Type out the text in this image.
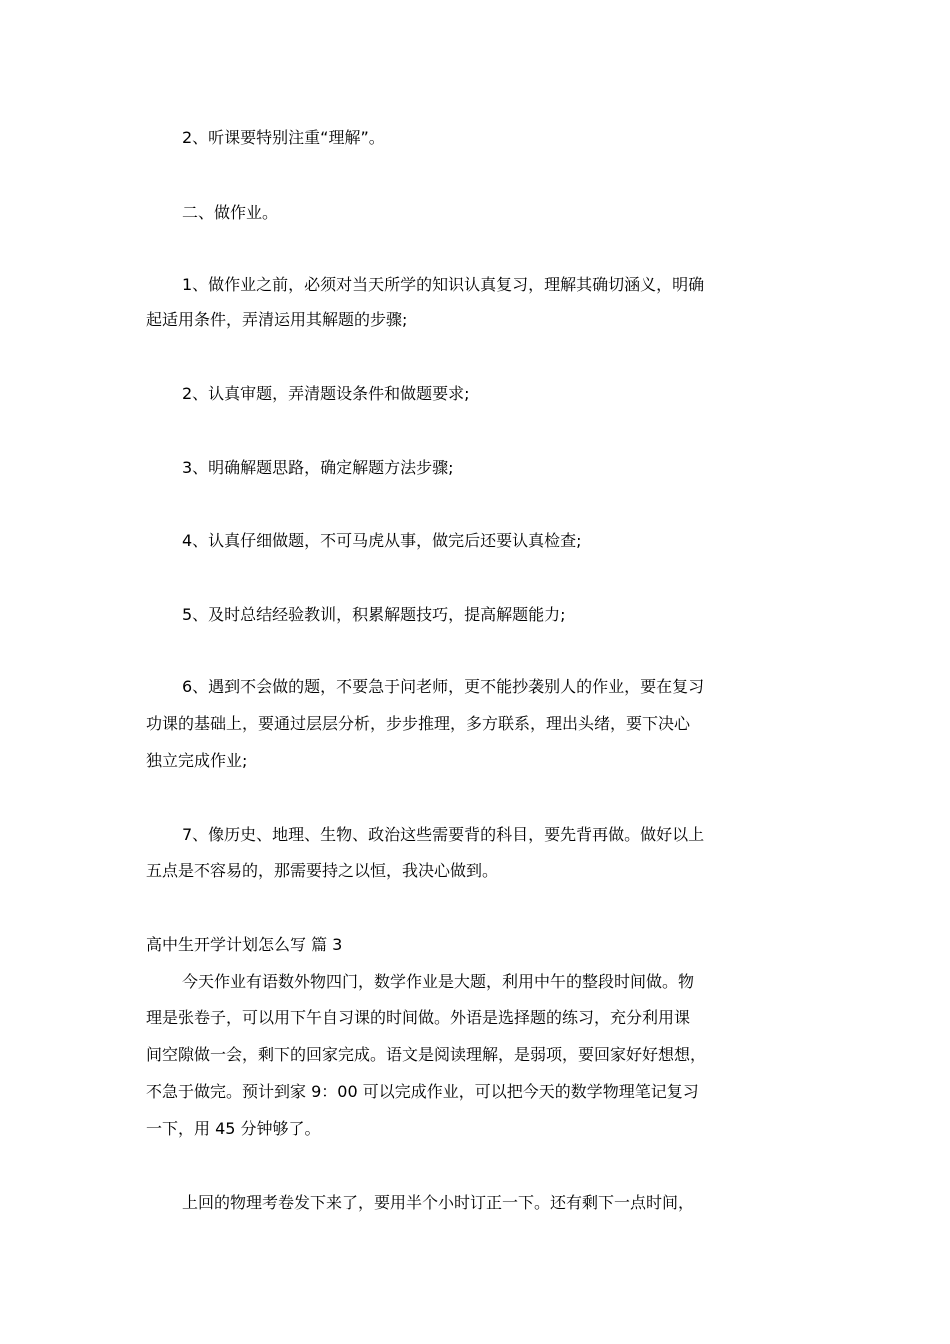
2、听课要特别注重“理解”。
二、做作业。
1、做作业之前，必须对当天所学的知识认真复习，理解其确切涵义，明确
起适用条件，弄清运用其解题的步骤;
2、认真审题，弄清题设条件和做题要求;
3、明确解题思路，确定解题方法步骤;
4、认真仔细做题，不可马虎从事，做完后还要认真检查;
5、及时总结经验教训，积累解题技巧，提高解题能力;
6、遇到不会做的题，不要急于问老师，更不能抄袭别人的作业，要在复习
功课的基础上，要通过层层分析，步步推理，多方联系，理出头绪，要下决心
独立完成作业;
7、像历史、地理、生物、政治这些需要背的科目，要先背再做。做好以上
五点是不容易的，那需要持之以恒，我决心做到。
高中生开学计划怎么写 篇 3
今天作业有语数外物四门，数学作业是大题，利用中午的整段时间做。物
理是张卷子，可以用下午自习课的时间做。外语是选择题的练习，充分利用课
间空隙做一会，剩下的回家完成。语文是阅读理解，是弱项，要回家好好想想，
不急于做完。预计到家 9：00 可以完成作业，可以把今天的数学物理笔记复习
一下，用 45 分钟够了。
上回的物理考卷发下来了，要用半个小时订正一下。还有剩下一点时间，
